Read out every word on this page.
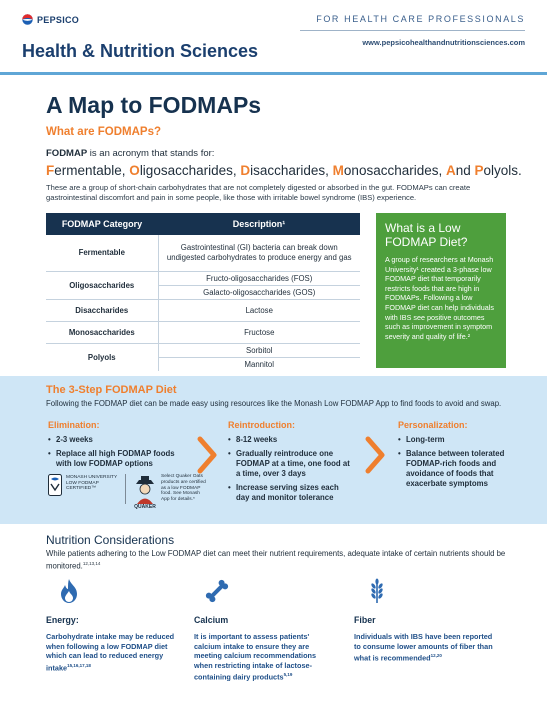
PEPSICO
Health & Nutrition Sciences
FOR HEALTH CARE PROFESSIONALS
www.pepsicohealthandnutritionsciences.com
A Map to FODMAPs
What are FODMAPs?
FODMAP is an acronym that stands for:
Fermentable, Oligosaccharides, Disaccharides, Monosaccharides, And Polyols.
These are a group of short-chain carbohydrates that are not completely digested or absorbed in the gut. FODMAPs can create gastrointestinal discomfort and pain in some people, like those with irritable bowel syndrome (IBS) experience.
FODMAP Category	Description¹
Fermentable	Gastrointestinal (GI) bacteria can break down undigested carbohydrates to produce energy and gas
Oligosaccharides	Fructo-oligosaccharides (FOS)
	Galacto-oligosaccharides (GOS)
Disaccharides	Lactose
Monosaccharides	Fructose
Polyols	Sorbitol
	Mannitol
What is a Low FODMAP Diet?
A group of researchers at Monash University¹ created a 3-phase low FODMAP diet that temporarily restricts foods that are high in FODMAPs. Following a low FODMAP diet can help individuals with IBS see positive outcomes such as improvement in symptom severity and quality of life.²
The 3-Step FODMAP Diet
Following the FODMAP diet can be made easy using resources like the Monash Low FODMAP App to find foods to avoid and swap.
Elimination:
• 2-3 weeks
• Replace all high FODMAP foods with low FODMAP options
Reintroduction:
• 8-12 weeks
• Gradually reintroduce one FODMAP at a time, one food at a time, over 3 days
• Increase serving sizes each day and monitor tolerance
Personalization:
• Long-term
• Balance between tolerated FODMAP-rich foods and avoidance of foods that exacerbate symptoms
MONASH UNIVERSITY LOW FODMAP CERTIFIED™
QUAKER
Select Quaker Oats products are certified as a low FODMAP food. See Monash App for details.*
Nutrition Considerations
While patients adhering to the Low FODMAP diet can meet their nutrient requirements, adequate intake of certain nutrients should be monitored.$^{12,13,14}$
Energy:
Carbohydrate intake may be reduced when following a low FODMAP diet which can lead to reduced energy intake$^{15,16,17,18}$
Calcium
It is important to assess patients' calcium intake to ensure they are meeting calcium recommendations when restricting intake of lactose-containing dairy products$^{5,19}$
Fiber
Individuals with IBS have been reported to consume lower amounts of fiber than what is recommended$^{12,20}$
